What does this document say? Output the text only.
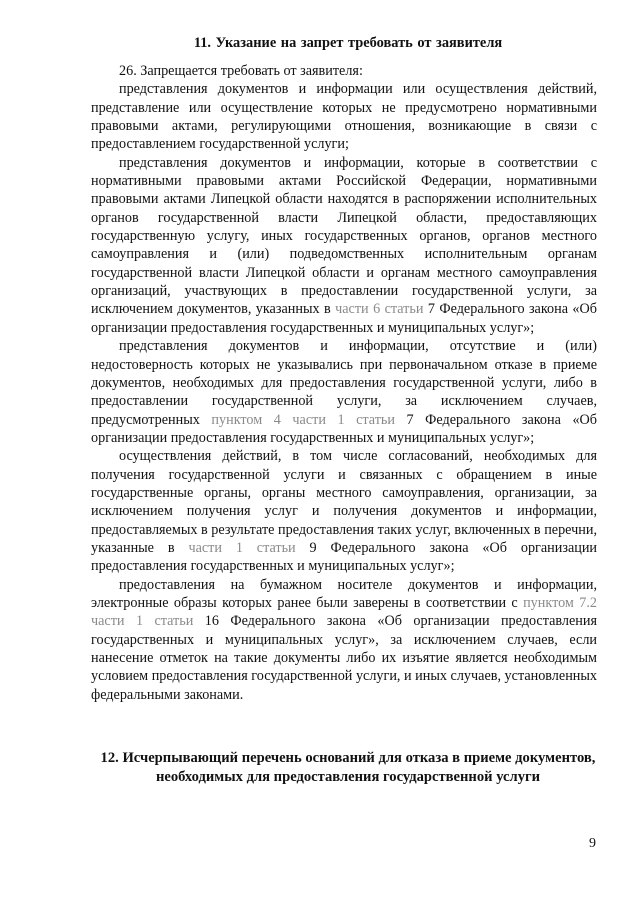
11. Указание на запрет требовать от заявителя

26. Запрещается требовать от заявителя:

представления документов и информации или осуществления действий, представление или осуществление которых не предусмотрено нормативными правовыми актами, регулирующими отношения, возникающие в связи с предоставлением государственной услуги;

представления документов и информации, которые в соответствии с нормативными правовыми актами Российской Федерации, нормативными правовыми актами Липецкой области находятся в распоряжении исполнительных органов государственной власти Липецкой области, предоставляющих государственную услугу, иных государственных органов, органов местного самоуправления и (или) подведомственных исполнительным органам государственной власти Липецкой области и органам местного самоуправления организаций, участвующих в предоставлении государственной услуги, за исключением документов, указанных в части 6 статьи 7 Федерального закона «Об организации предоставления государственных и муниципальных услуг»;

представления документов и информации, отсутствие и (или) недостоверность которых не указывались при первоначальном отказе в приеме документов, необходимых для предоставления государственной услуги, либо в предоставлении государственной услуги, за исключением случаев, предусмотренных пунктом 4 части 1 статьи 7 Федерального закона «Об организации предоставления государственных и муниципальных услуг»;

осуществления действий, в том числе согласований, необходимых для получения государственной услуги и связанных с обращением в иные государственные органы, органы местного самоуправления, организации, за исключением получения услуг и получения документов и информации, предоставляемых в результате предоставления таких услуг, включенных в перечни, указанные в части 1 статьи 9 Федерального закона «Об организации предоставления государственных и муниципальных услуг»;

предоставления на бумажном носителе документов и информации, электронные образы которых ранее были заверены в соответствии с пунктом 7.2 части 1 статьи 16 Федерального закона «Об организации предоставления государственных и муниципальных услуг», за исключением случаев, если нанесение отметок на такие документы либо их изъятие является необходимым условием предоставления государственной услуги, и иных случаев, установленных федеральными законами.

12. Исчерпывающий перечень оснований для отказа в приеме документов, необходимых для предоставления государственной услуги
9
